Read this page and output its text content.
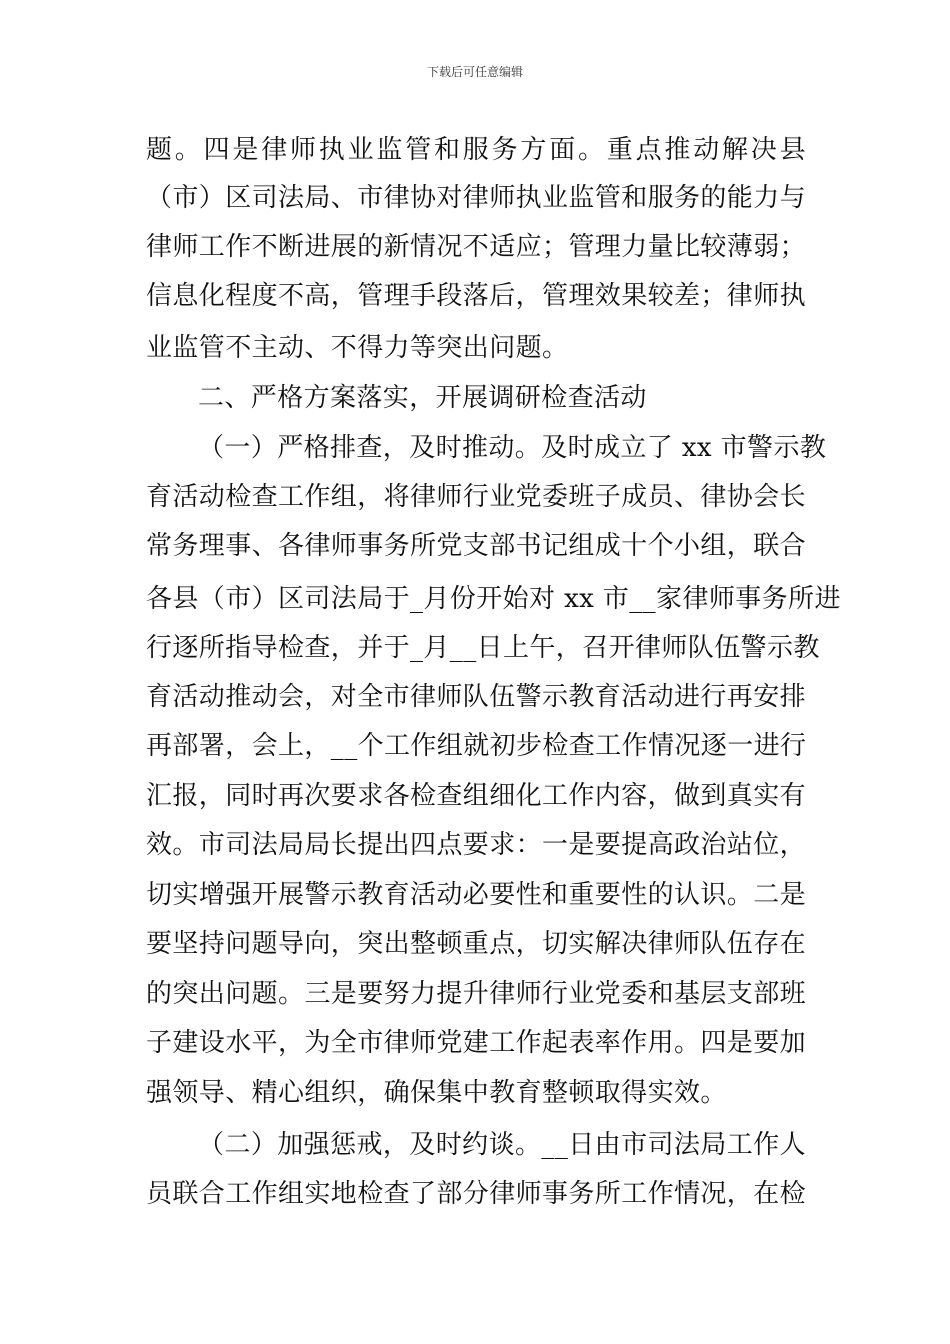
下载后可任意编辑
题。四是律师执业监管和服务方面。重点推动解决县
（市）区司法局、市律协对律师执业监管和服务的能力与
律师工作不断进展的新情况不适应；管理力量比较薄弱；
信息化程度不高，管理手段落后，管理效果较差；律师执
业监管不主动、不得力等突出问题。
二、严格方案落实，开展调研检查活动
（一）严格排查，及时推动。及时成立了 xx 市警示教
育活动检查工作组，将律师行业党委班子成员、律协会长
常务理事、各律师事务所党支部书记组成十个小组，联合
各县（市）区司法局于_月份开始对 xx 市__家律师事务所进
行逐所指导检查，并于_月__日上午，召开律师队伍警示教
育活动推动会，对全市律师队伍警示教育活动进行再安排
再部署，会上，__个工作组就初步检查工作情况逐一进行
汇报，同时再次要求各检查组细化工作内容，做到真实有
效。市司法局局长提出四点要求：一是要提高政治站位，
切实增强开展警示教育活动必要性和重要性的认识。二是
要坚持问题导向，突出整顿重点，切实解决律师队伍存在
的突出问题。三是要努力提升律师行业党委和基层支部班
子建设水平，为全市律师党建工作起表率作用。四是要加
强领导、精心组织，确保集中教育整顿取得实效。
（二）加强惩戒，及时约谈。__日由市司法局工作人
员联合工作组实地检查了部分律师事务所工作情况，在检
